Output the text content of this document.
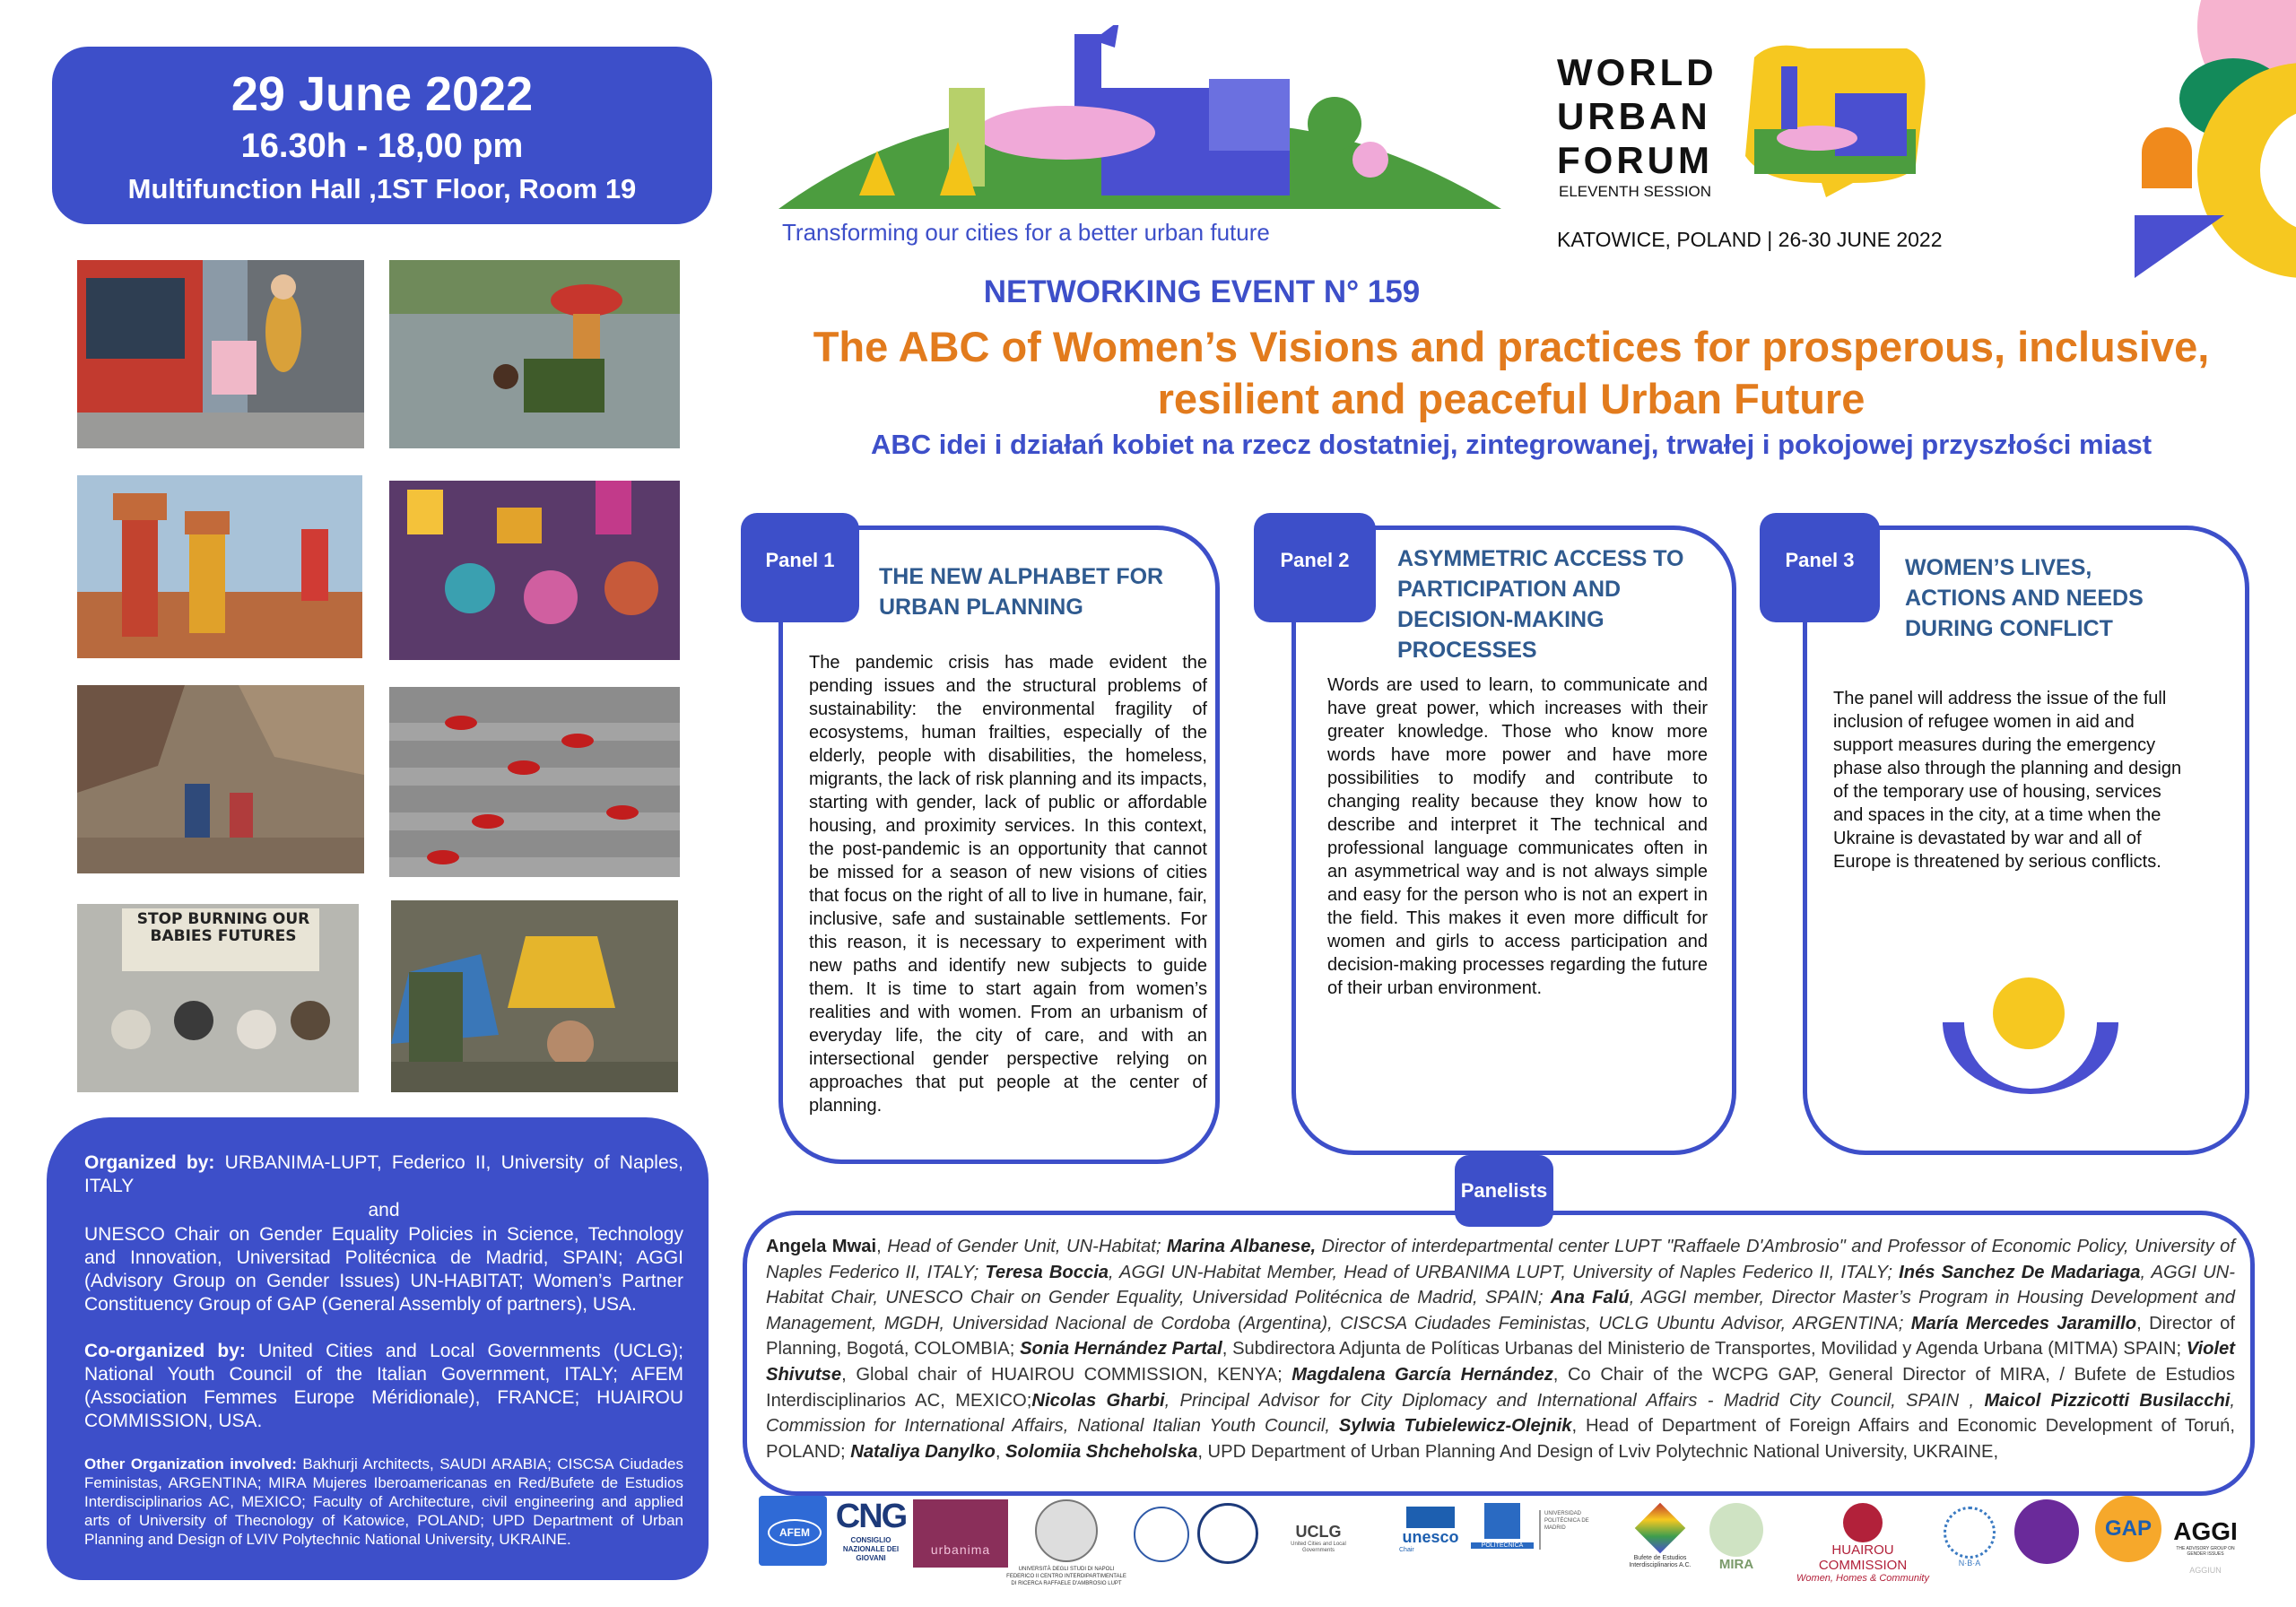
29 June 2022
16.30h - 18,00 pm
Multifunction Hall ,1ST Floor, Room 19
STOP BURNING OUR BABIES FUTURES
Organized by: URBANIMA-LUPT, Federico II, University of Naples, ITALY
and
UNESCO Chair on Gender Equality Policies in Science, Technology and Innovation, Universitad Politécnica de Madrid, SPAIN; AGGI (Advisory Group on Gender Issues) UN-HABITAT; Women’s Partner Constituency Group of GAP (General Assembly of partners), USA.
Co-organized by: United Cities and Local Governments (UCLG); National Youth Council of the Italian Government, ITALY; AFEM (Association Femmes Europe Méridionale), FRANCE; HUAIROU COMMISSION, USA.
Other Organization involved: Bakhurji Architects, SAUDI ARABIA; CISCSA Ciudades Feministas, ARGENTINA; MIRA Mujeres Iberoamericanas en Red/Bufete de Estudios Interdisciplinarios AC, MEXICO; Faculty of Architecture, civil engineering and applied arts of University of Thecnology of Katowice, POLAND; UPD Department of Urban Planning and Design of LVIV Polytechnic National University, UKRAINE.
Transforming our cities for a better urban future
WORLD
URBAN
FORUM
ELEVENTH SESSION
KATOWICE, POLAND | 26-30 JUNE 2022
NETWORKING EVENT N° 159
The ABC of Women’s Visions and practices for prosperous, inclusive,
resilient and peaceful Urban Future
ABC idei i działań kobiet na rzecz dostatniej, zintegrowanej, trwałej i pokojowej przyszłości miast
Panel 1
THE NEW ALPHABET FOR URBAN PLANNING
The pandemic crisis has made evident the pending issues and the structural problems of sustainability: the environmental fragility of ecosystems, human frailties, especially of the elderly, people with disabilities, the homeless, migrants, the lack of risk planning and its impacts, starting with gender, lack of public or affordable housing, and proximity services. In this context, the post-pandemic is an opportunity that cannot be missed for a season of new visions of cities that focus on the right of all to live in humane, fair, inclusive, safe and sustainable settlements. For this reason, it is necessary to experiment with new paths and identify new subjects to guide them. It is time to start again from women’s realities and with women. From an urbanism of everyday life, the city of care, and with an intersectional gender perspective relying on approaches that put people at the center of planning.
Panel 2	ASYMMETRIC ACCESS TO PARTICIPATION AND DECISION-MAKING PROCESSES
Words are used to learn, to communicate and have great power, which increases with their greater knowledge. Those who know more words have more power and have more possibilities to modify and contribute to changing reality because they know how to describe and interpret it The technical and professional language communicates often in an asymmetrical way and is not always simple and easy for the person who is not an expert in the field. This makes it even more difficult for women and girls to access participation and decision-making processes regarding the future of their urban environment.
Panel 3	WOMEN’S LIVES, ACTIONS AND NEEDS DURING CONFLICT
The panel will address the issue of the full inclusion of refugee women in aid and support measures during the emergency phase also through the planning and design of the temporary use of housing, services and spaces in the city, at a time when the Ukraine is devastated by war and all of Europe is threatened by serious conflicts.
Panelists
Angela Mwai, Head of Gender Unit, UN-Habitat; Marina Albanese, Director of interdepartmental center LUPT "Raffaele D'Ambrosio" and Professor of Economic Policy, University of Naples Federico II, ITALY; Teresa Boccia, AGGI UN-Habitat Member, Head of URBANIMA LUPT, University of Naples Federico II, ITALY; Inés Sanchez De Madariaga, AGGI UN-Habitat Chair, UNESCO Chair on Gender Equality, Universidad Politécnica de Madrid, SPAIN; Ana Falú, AGGI member, Director Master’s Program in Housing Development and Management, MGDH, Universidad Nacional de Cordoba (Argentina), CISCSA Ciudades Feministas, UCLG Ubuntu Advisor, ARGENTINA; María Mercedes Jaramillo, Director of Planning, Bogotá, COLOMBIA; Sonia Hernández Partal, Subdirectora Adjunta de Políticas Urbanas del Ministerio de Transportes, Movilidad y Agenda Urbana (MITMA) SPAIN; Violet Shivutse, Global chair of HUAIROU COMMISSION, KENYA; Magdalena García Hernández, Co Chair of the WCPG GAP, General Director of MIRA, / Bufete de Estudios Interdisciplinarios AC, MEXICO;Nicolas Gharbi, Principal Advisor for City Diplomacy and International Affairs - Madrid City Council, SPAIN , Maicol Pizzicotti Busilacchi, Commission for International Affairs, National Italian Youth Council, Sylwia Tubielewicz-Olejnik, Head of Department of Foreign Affairs and Economic Development of Toruń, POLAND; Nataliya Danylko, Solomiia Shcheholska, UPD Department of Urban Planning And Design of Lviv Polytechnic National University, UKRAINE,
AFEM CNG
CONSIGLIO NAZIONALE DEI GIOVANI
urbanima
UNIVERSITÀ DEGLI STUDI DI NAPOLI FEDERICO II CENTRO INTERDIPARTIMENTALE DI RICERCA RAFFAELE D'AMBROSIO LUPT
UCLG
United Cities and Local Governments
unesco
Chair
POLITÉCNICA
UNIVERSIDAD POLITÉCNICA DE MADRID
Bufete de Estudios Interdisciplinarios A.C.	MIRA
HUAIROU COMMISSION
Women, Homes & Community
N·B·A
GAP AGGI
THE ADVISORY GROUP ON GENDER ISSUES
AGGIUN
